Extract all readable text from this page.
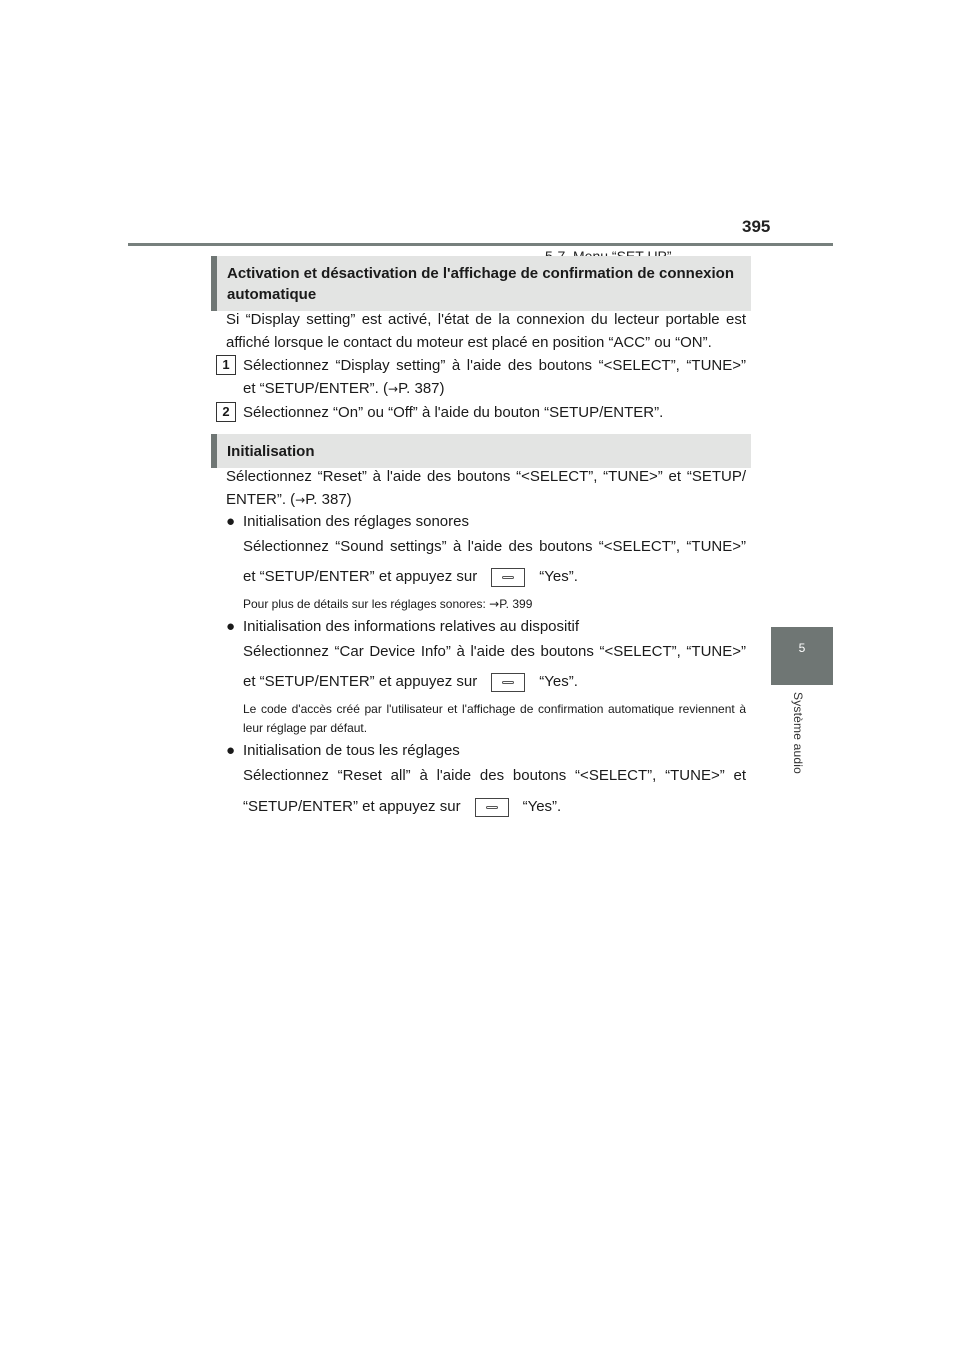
395
5
Système audio
Activation et désactivation de l'affichage de confirmation de connexion automatique
Si “Display setting” est activé, l'état de la connexion du lecteur portable est affiché lorsque le contact du moteur est placé en position “ACC” ou “ON”.
1 Sélectionnez “Display setting” à l'aide des boutons “<SELECT”, “TUNE>”
et “SETUP/ENTER”. (→P. 387)
2 Sélectionnez “On” ou “Off” à l'aide du bouton “SETUP/ENTER”.
Initialisation
Sélectionnez “Reset” à l'aide des boutons “<SELECT”, “TUNE>” et “SETUP/
ENTER”. (→P. 387)
● Initialisation des réglages sonores
Sélectionnez “Sound settings” à l'aide des boutons “<SELECT”, “TUNE>”
et “SETUP/ENTER” et appuyez sur	“Yes”.
Pour plus de détails sur les réglages sonores: →P. 399
● Initialisation des informations relatives au dispositif
Sélectionnez “Car Device Info” à l'aide des boutons “<SELECT”, “TUNE>”
et “SETUP/ENTER” et appuyez sur	“Yes”.
Le code d'accès créé par l'utilisateur et l'affichage de confirmation automatique reviennent à leur réglage par défaut.
● Initialisation de tous les réglages
Sélectionnez “Reset all” à l'aide des boutons “<SELECT”, “TUNE>” et
“SETUP/ENTER” et appuyez sur	“Yes”.
